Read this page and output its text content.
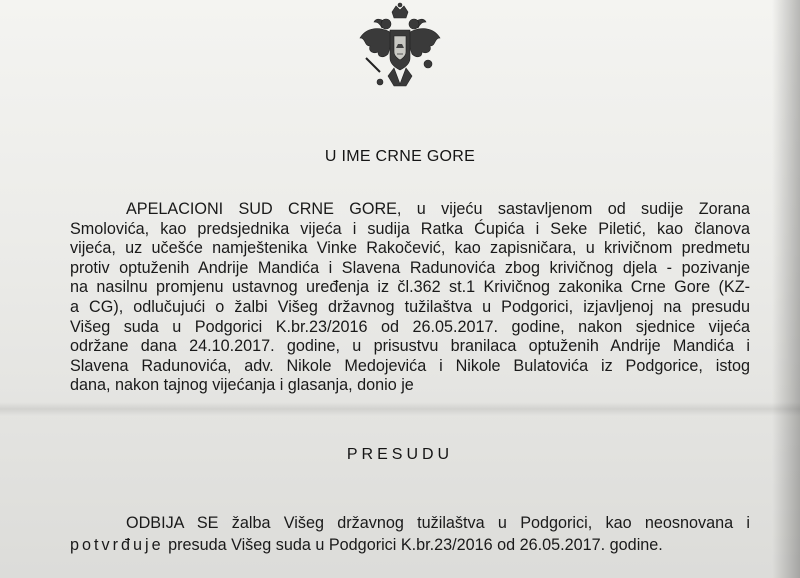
U IME CRNE GORE
APELACIONI SUD CRNE GORE, u vijeću sastavljenom od sudije Zorana
Smolovića, kao predsjednika vijeća i sudija Ratka Ćupića i Seke Piletić, kao članova
vijeća, uz učešće namještenika Vinke Rakočević, kao zapisničara, u krivičnom predmetu
protiv optuženih Andrije Mandića i Slavena Radunovića zbog krivičnog djela - pozivanje
na nasilnu promjenu ustavnog uređenja iz čl.362 st.1 Krivičnog zakonika Crne Gore (KZ-
a CG), odlučujući o žalbi Višeg državnog tužilaštva u Podgorici, izjavljenoj na presudu
Višeg suda u Podgorici K.br.23/2016 od 26.05.2017. godine, nakon sjednice vijeća
održane dana 24.10.2017. godine, u prisustvu branilaca optuženih Andrije Mandića i
Slavena Radunovića, adv. Nikole Medojevića i Nikole Bulatovića iz Podgorice, istog
dana, nakon tajnog vijećanja i glasanja, donio je
PRESUDU
ODBIJA SE žalba Višeg državnog tužilaštva u Podgorici, kao neosnovana i
potvrđuje presuda Višeg suda u Podgorici K.br.23/2016 od 26.05.2017. godine.
